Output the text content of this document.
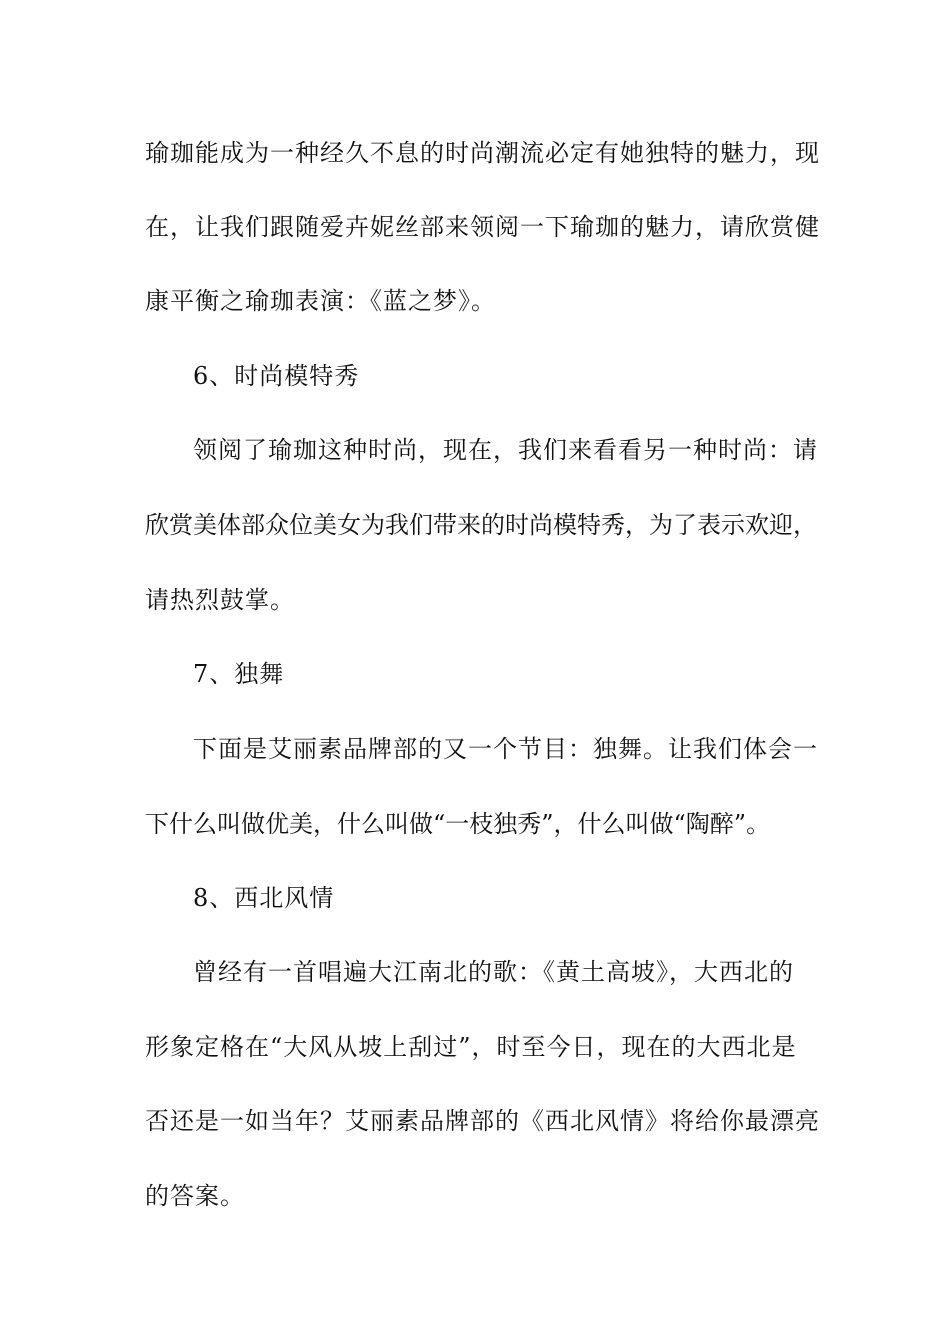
瑜珈能成为一种经久不息的时尚潮流必定有她独特的魅力，现
在，让我们跟随爱卉妮丝部来领阅一下瑜珈的魅力，请欣赏健
康平衡之瑜珈表演：《蓝之梦》。
6、时尚模特秀
领阅了瑜珈这种时尚，现在，我们来看看另一种时尚：请
欣赏美体部众位美女为我们带来的时尚模特秀，为了表示欢迎，
请热烈鼓掌。
7、独舞
下面是艾丽素品牌部的又一个节目：独舞。让我们体会一
下什么叫做优美，什么叫做“一枝独秀”，什么叫做“陶醉”。
8、西北风情
曾经有一首唱遍大江南北的歌：《黄土高坡》，大西北的
形象定格在“大风从坡上刮过”，时至今日，现在的大西北是
否还是一如当年？艾丽素品牌部的《西北风情》将给你最漂亮
的答案。
